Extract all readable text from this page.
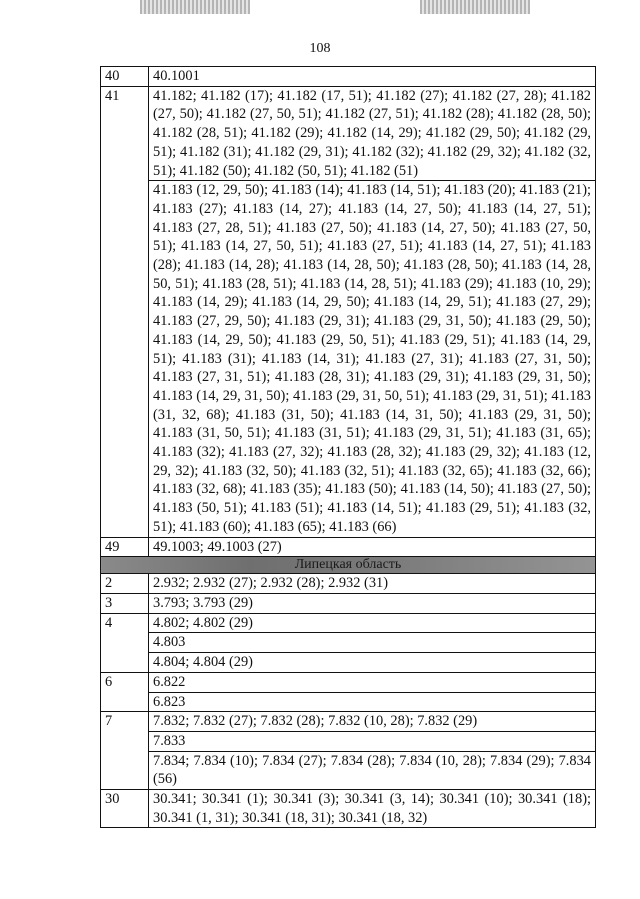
108
40	40.1001
41	41.182; 41.182 (17); 41.182 (17, 51); 41.182 (27); 41.182 (27, 28); 41.182 (27, 50); 41.182 (27, 50, 51); 41.182 (27, 51); 41.182 (28); 41.182 (28, 50); 41.182 (28, 51); 41.182 (29); 41.182 (14, 29); 41.182 (29, 50); 41.182 (29, 51); 41.182 (31); 41.182 (29, 31); 41.182 (32); 41.182 (29, 32); 41.182 (32, 51); 41.182 (50); 41.182 (50, 51); 41.182 (51)
	41.183 (12, 29, 50); 41.183 (14); 41.183 (14, 51); 41.183 (20); 41.183 (21); 41.183 (27); 41.183 (14, 27); 41.183 (14, 27, 50); 41.183 (14, 27, 51); 41.183 (27, 28, 51); 41.183 (27, 50); 41.183 (14, 27, 50); 41.183 (27, 50, 51); 41.183 (14, 27, 50, 51); 41.183 (27, 51); 41.183 (14, 27, 51); 41.183 (28); 41.183 (14, 28); 41.183 (14, 28, 50); 41.183 (28, 50); 41.183 (14, 28, 50, 51); 41.183 (28, 51); 41.183 (14, 28, 51); 41.183 (29); 41.183 (10, 29); 41.183 (14, 29); 41.183 (14, 29, 50); 41.183 (14, 29, 51); 41.183 (27, 29); 41.183 (27, 29, 50); 41.183 (29, 31); 41.183 (29, 31, 50); 41.183 (29, 50); 41.183 (14, 29, 50); 41.183 (29, 50, 51); 41.183 (29, 51); 41.183 (14, 29, 51); 41.183 (31); 41.183 (14, 31); 41.183 (27, 31); 41.183 (27, 31, 50); 41.183 (27, 31, 51); 41.183 (28, 31); 41.183 (29, 31); 41.183 (29, 31, 50); 41.183 (14, 29, 31, 50); 41.183 (29, 31, 50, 51); 41.183 (29, 31, 51); 41.183 (31, 32, 68); 41.183 (31, 50); 41.183 (14, 31, 50); 41.183 (29, 31, 50); 41.183 (31, 50, 51); 41.183 (31, 51); 41.183 (29, 31, 51); 41.183 (31, 65); 41.183 (32); 41.183 (27, 32); 41.183 (28, 32); 41.183 (29, 32); 41.183 (12, 29, 32); 41.183 (32, 50); 41.183 (32, 51); 41.183 (32, 65); 41.183 (32, 66); 41.183 (32, 68); 41.183 (35); 41.183 (50); 41.183 (14, 50); 41.183 (27, 50); 41.183 (50, 51); 41.183 (51); 41.183 (14, 51); 41.183 (29, 51); 41.183 (32, 51); 41.183 (60); 41.183 (65); 41.183 (66)
49	49.1003; 49.1003 (27)
Липецкая область	
2	2.932; 2.932 (27); 2.932 (28); 2.932 (31)
3	3.793; 3.793 (29)
4	4.802; 4.802 (29)
	4.803
	4.804; 4.804 (29)
6	6.822
	6.823
7	7.832; 7.832 (27); 7.832 (28); 7.832 (10, 28); 7.832 (29)
	7.833
	7.834; 7.834 (10); 7.834 (27); 7.834 (28); 7.834 (10, 28); 7.834 (29); 7.834 (56)
30	30.341; 30.341 (1); 30.341 (3); 30.341 (3, 14); 30.341 (10); 30.341 (18); 30.341 (1, 31); 30.341 (18, 31); 30.341 (18, 32)
